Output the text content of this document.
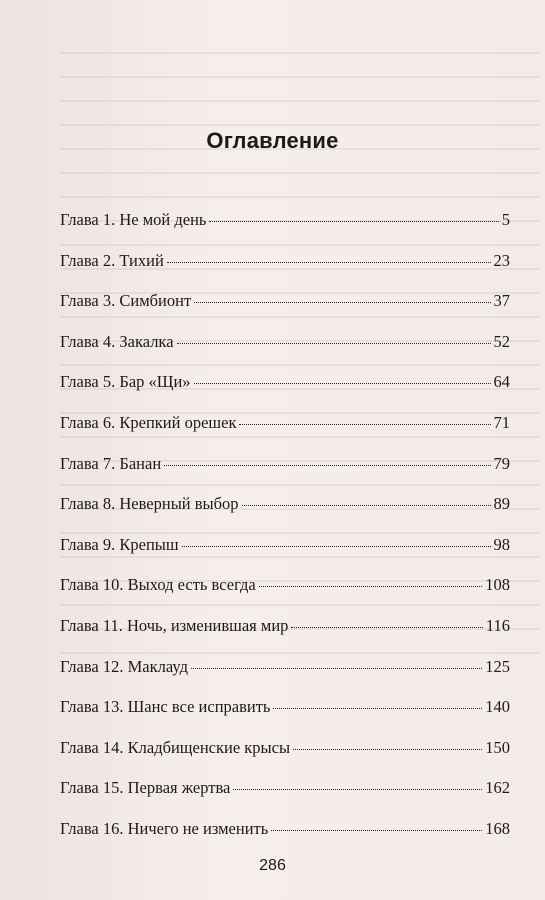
Оглавление
Глава 1. Не мой день	5
Глава 2. Тихий	23
Глава 3. Симбионт	37
Глава 4. Закалка	52
Глава 5. Бар «Щи»	64
Глава 6. Крепкий орешек	71
Глава 7. Банан	79
Глава 8. Неверный выбор	89
Глава 9. Крепыш	98
Глава 10. Выход есть всегда	108
Глава 11. Ночь, изменившая мир	116
Глава 12. Маклауд	125
Глава 13. Шанс все исправить	140
Глава 14. Кладбищенские крысы	150
Глава 15. Первая жертва	162
Глава 16. Ничего не изменить	168
286
